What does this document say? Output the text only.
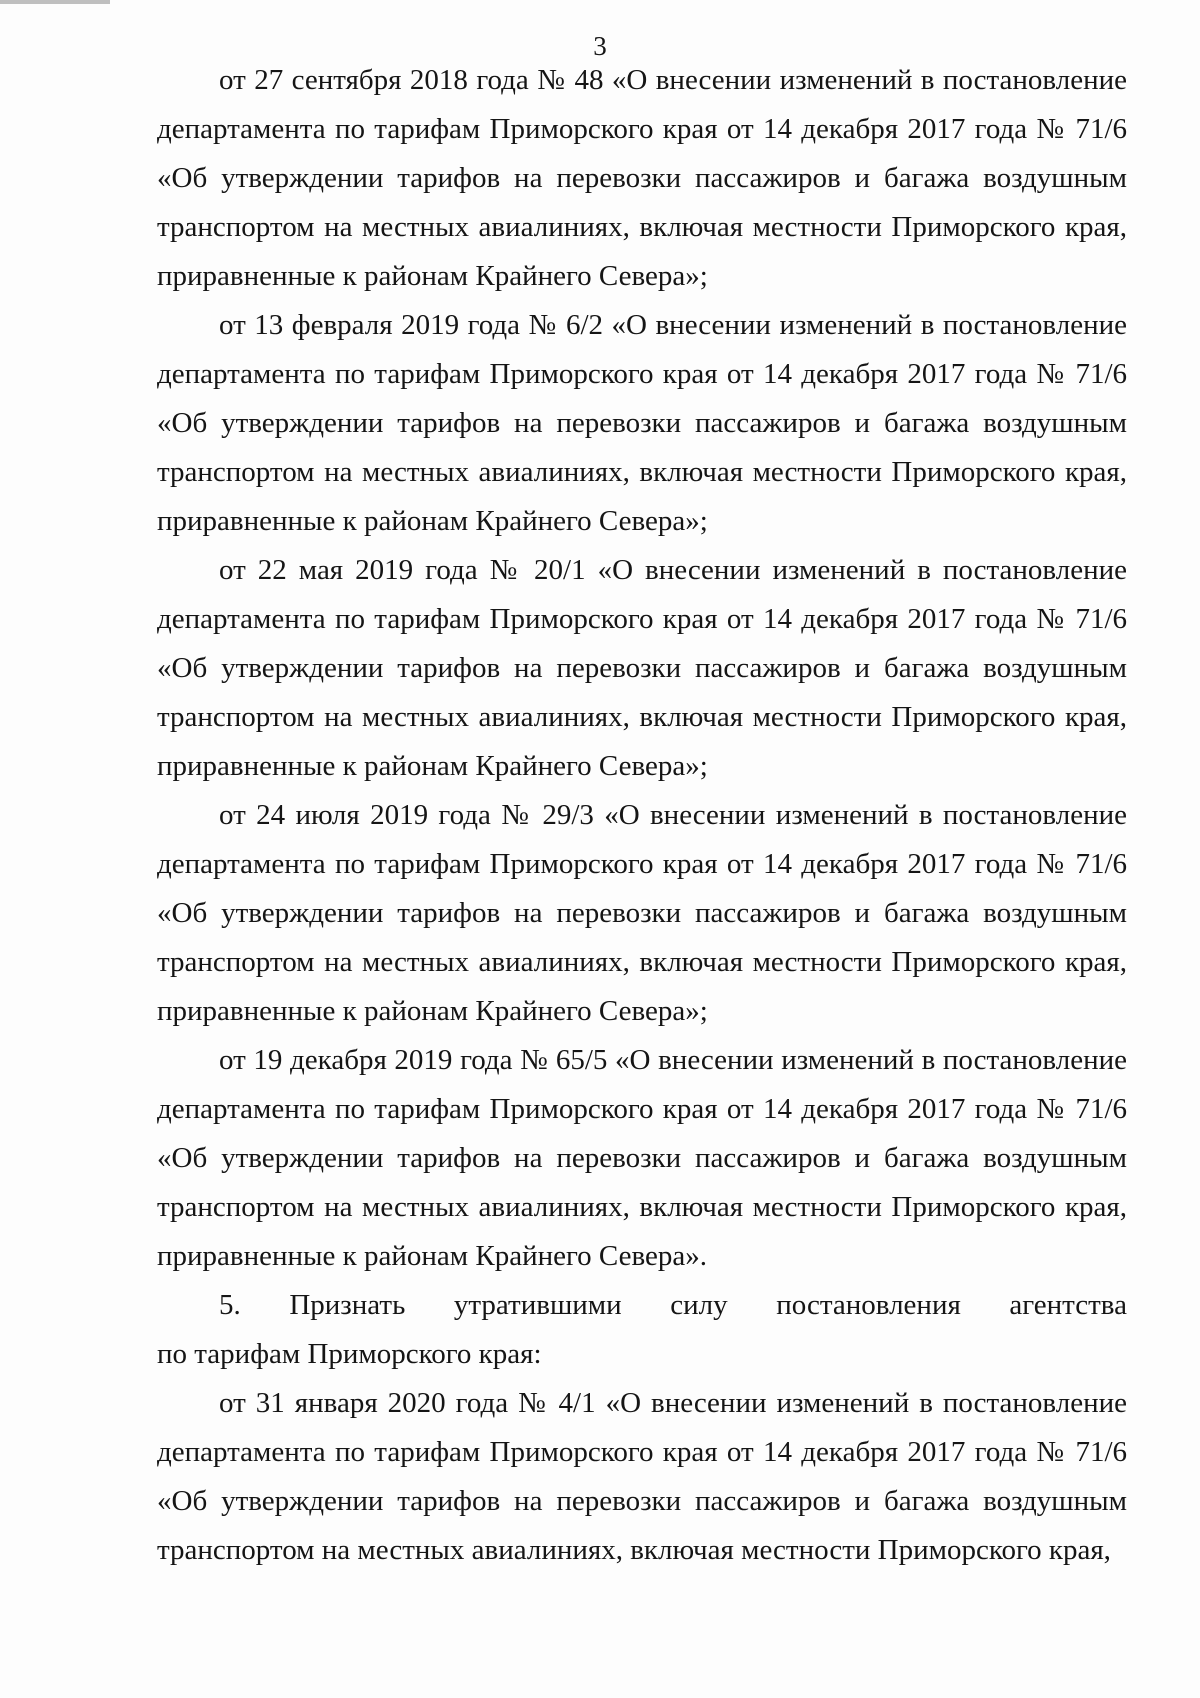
3

от 27 сентября 2018 года № 48 «О внесении изменений в постановление департамента по тарифам Приморского края от 14 декабря 2017 года № 71/6 «Об утверждении тарифов на перевозки пассажиров и багажа воздушным транспортом на местных авиалиниях, включая местности Приморского края, приравненные к районам Крайнего Севера»;

от 13 февраля 2019 года № 6/2 «О внесении изменений в постановление департамента по тарифам Приморского края от 14 декабря 2017 года № 71/6 «Об утверждении тарифов на перевозки пассажиров и багажа воздушным транспортом на местных авиалиниях, включая местности Приморского края, приравненные к районам Крайнего Севера»;

от 22 мая 2019 года № 20/1 «О внесении изменений в постановление департамента по тарифам Приморского края от 14 декабря 2017 года № 71/6 «Об утверждении тарифов на перевозки пассажиров и багажа воздушным транспортом на местных авиалиниях, включая местности Приморского края, приравненные к районам Крайнего Севера»;

от 24 июля 2019 года № 29/3 «О внесении изменений в постановление департамента по тарифам Приморского края от 14 декабря 2017 года № 71/6 «Об утверждении тарифов на перевозки пассажиров и багажа воздушным транспортом на местных авиалиниях, включая местности Приморского края, приравненные к районам Крайнего Севера»;

от 19 декабря 2019 года № 65/5 «О внесении изменений в постановление департамента по тарифам Приморского края от 14 декабря 2017 года № 71/6 «Об утверждении тарифов на перевозки пассажиров и багажа воздушным транспортом на местных авиалиниях, включая местности Приморского края, приравненные к районам Крайнего Севера».

5. Признать утратившими силу постановления агентства

по тарифам Приморского края:

от 31 января 2020 года № 4/1 «О внесении изменений в постановление департамента по тарифам Приморского края от 14 декабря 2017 года № 71/6 «Об утверждении тарифов на перевозки пассажиров и багажа воздушным транспортом на местных авиалиниях, включая местности Приморского края,
